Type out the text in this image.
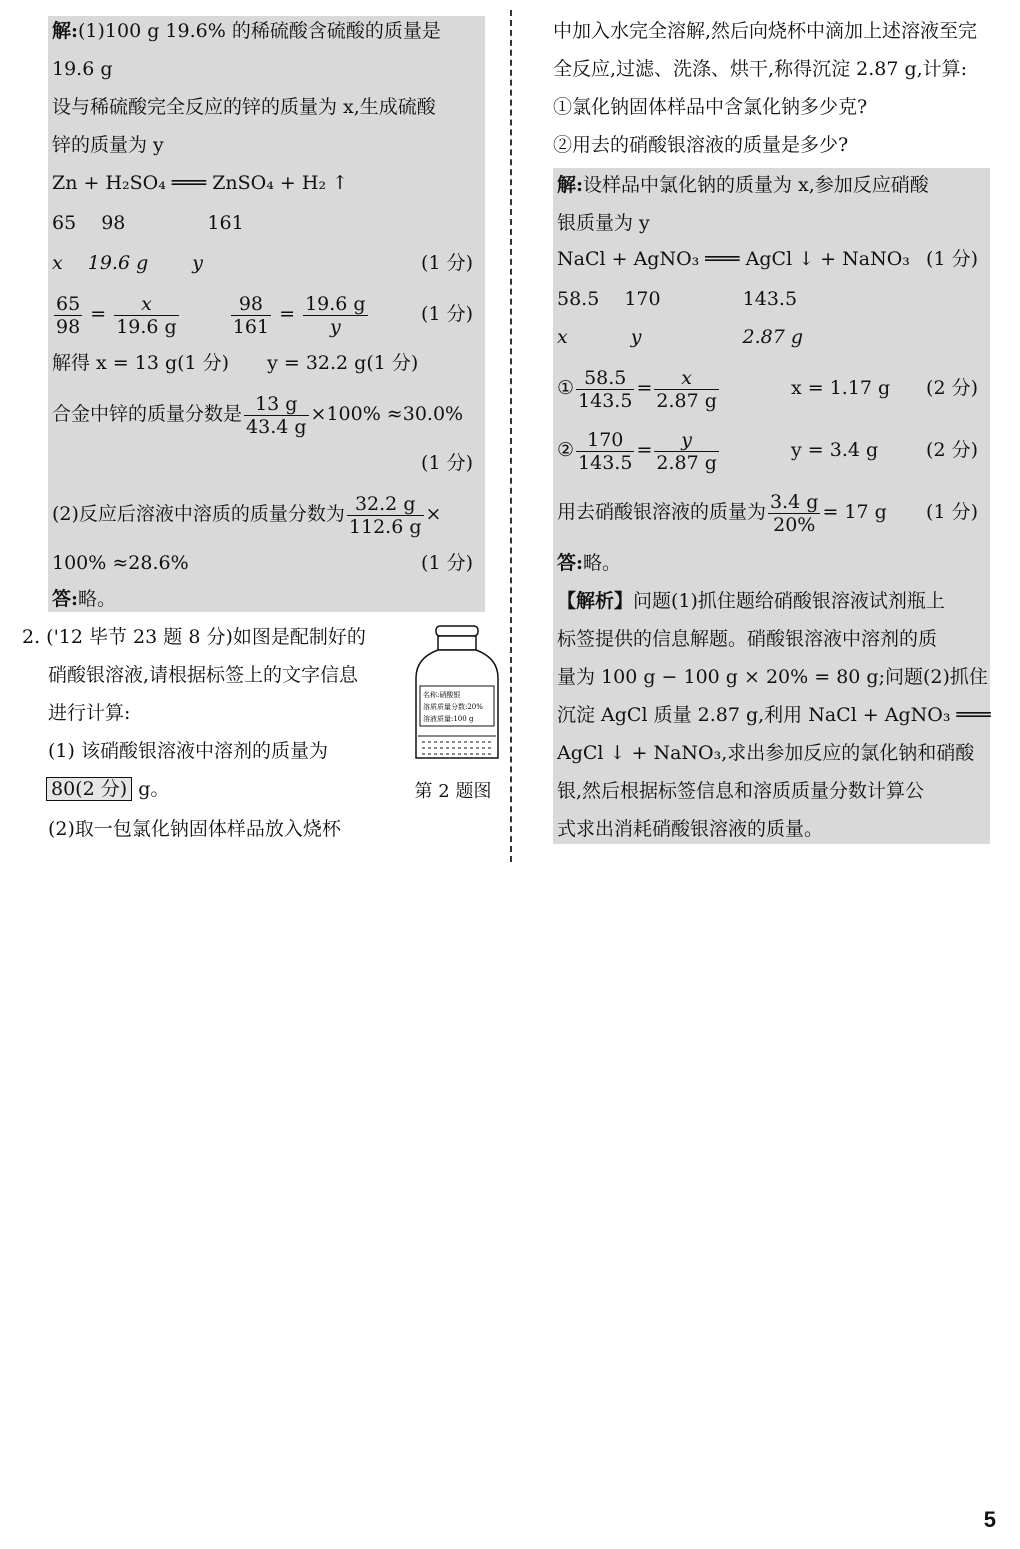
解:(1)100 g 19.6% 的稀硫酸含硫酸的质量是
19.6 g
设与稀硫酸完全反应的锌的质量为 x,生成硫酸
锌的质量为 y
Zn + H₂SO₄ ═══ ZnSO₄ + H₂ ↑
65　 98　　　　 161
x　 19.6 g　　 y	(1 分)
$\frac{65}{98} = \frac{x}{19.6 g}$
	$\frac{98}{161} = \frac{19.6 g}{y}$	(1 分)
解得 x = 13 g(1 分)　　y = 32.2 g(1 分)
合金中锌的质量分数是 $\frac{13 g}{43.4 g} \times 100\% \approx 30.0\%$
(1 分)
(2)反应后溶液中溶质的质量分数为 $\frac{32.2 g}{112.6 g}$ ×
100% ≈28.6%	(1 分)
答:略。
2. ('12 毕节 23 题 8 分)如图是配制好的
硝酸银溶液,请根据标签上的文字信息
进行计算:
(1) 该硝酸银溶液中溶剂的质量为
80(2 分) g。
(2)取一包氯化钠固体样品放入烧杯
名称:硝酸银
溶质质量分数:20%
溶液质量:100 g
第 2 题图
中加入水完全溶解,然后向烧杯中滴加上述溶液至完
全反应,过滤、洗涤、烘干,称得沉淀 2.87 g,计算:
①氯化钠固体样品中含氯化钠多少克?
②用去的硝酸银溶液的质量是多少?
解:设样品中氯化钠的质量为 x,参加反应硝酸
银质量为 y
NaCl + AgNO₃ ═══ AgCl ↓ + NaNO₃ (1 分)
58.5　 170　　　　 143.5
x　　　 y　　　　　 2.87 g
① $\frac{58.5}{143.5} = \frac{x}{2.87 g}$	x = 1.17 g (2 分)
② $\frac{170}{143.5} = \frac{y}{2.87 g}$	y = 3.4 g	(2 分)
用去硝酸银溶液的质量为 $\frac{3.4 g}{20\%} = 17$ g (1 分)
答:略。
【解析】问题(1)抓住题给硝酸银溶液试剂瓶上
标签提供的信息解题。硝酸银溶液中溶剂的质
量为 100 g − 100 g × 20% = 80 g;问题(2)抓住
沉淀 AgCl 质量 2.87 g,利用 NaCl + AgNO₃ ═══
AgCl ↓ + NaNO₃,求出参加反应的氯化钠和硝酸
银,然后根据标签信息和溶质质量分数计算公
式求出消耗硝酸银溶液的质量。
5
